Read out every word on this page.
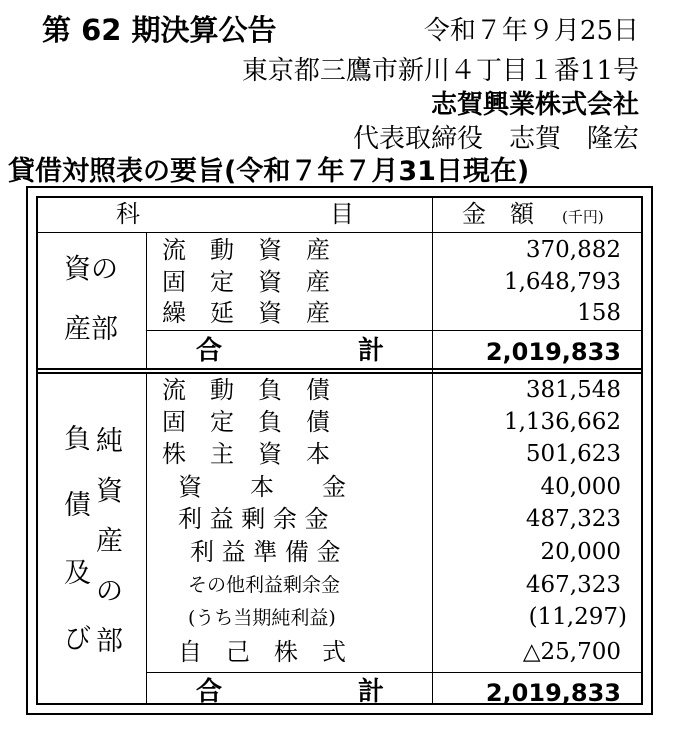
第 62 期決算公告	令和７年９月25日
東京都三鷹市新川４丁目１番11号
志賀興業株式会社
代表取締役　志賀　隆宏
貸借対照表の要旨(令和７年７月31日現在)
科	目	金　額 (千円)
資の
産部
流　動　資　産	370,882
固　定　資　産	1,648,793
繰　延　資　産	158
合	計	2,019,833
負
債
及
び
純
資
産
の
部
流　動　負　債	381,548
固　定　負　債	1,136,662
株　主　資　本	501,623
資　　本　　金	40,000
利 益 剰 余 金	487,323
利 益 準 備 金	20,000
その他利益剰余金	467,323
(うち当期純利益)	(11,297)
自　己　株　式	△25,700
合	計	2,019,833
